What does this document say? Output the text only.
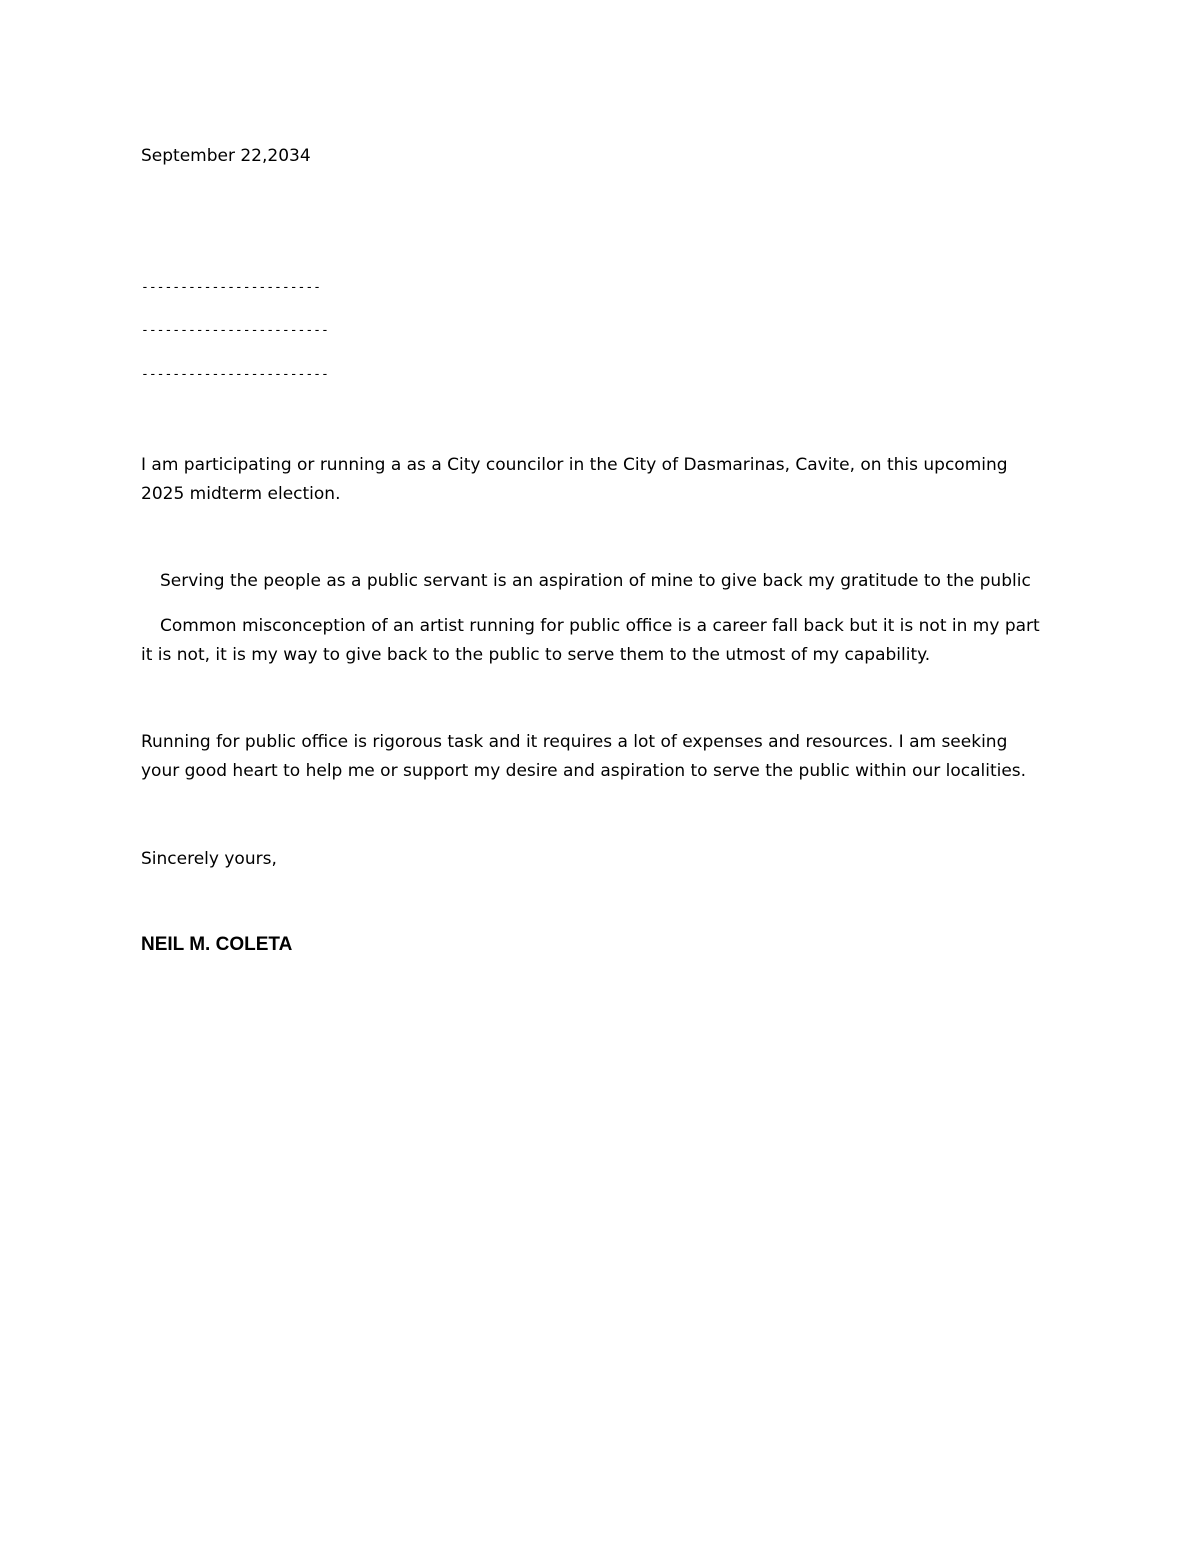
September 22,2034
-----------------------
------------------------
------------------------
I am participating or running a as a City councilor in the City of Dasmarinas, Cavite, on this upcoming
2025 midterm election.
Serving the people as a public servant is an aspiration of mine to give back my gratitude to the public
Common misconception of an artist running for public office is a career fall back but it is not in my part
it is not, it is my way to give back to the public to serve them to the utmost of my capability.
Running for public office is rigorous task and it requires a lot of expenses and resources. I am seeking
your good heart to help me or support my desire and aspiration to serve the public within our localities.
Sincerely yours,
NEIL M. COLETA
